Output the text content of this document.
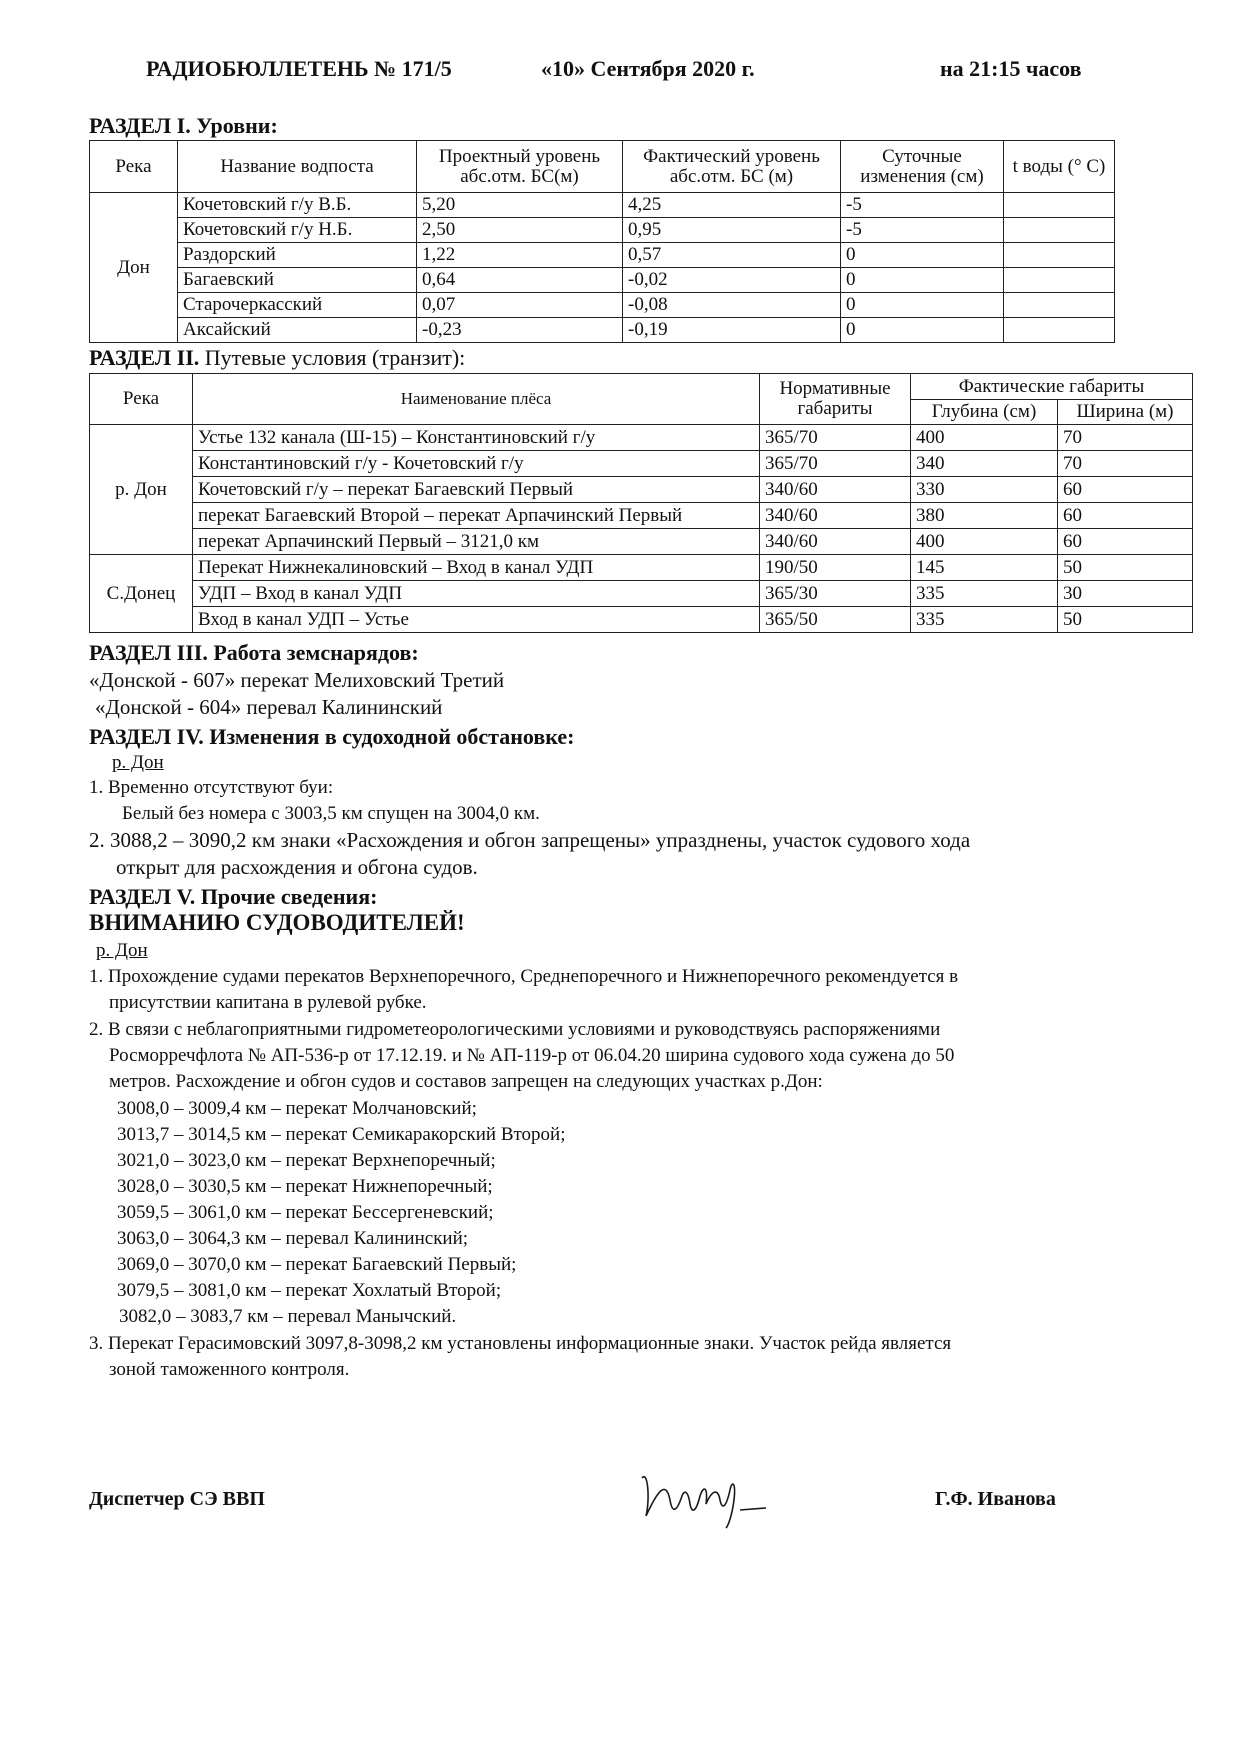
РАДИОБЮЛЛЕТЕНЬ № 171/5	«10» Сентября 2020 г.	на 21:15 часов
РАЗДЕЛ I. Уровни:
Река	Название водпоста	Проектный уровень абс.отм. БС(м)	Фактический уровень абс.отм. БС (м)	Суточные изменения (см)	t воды (° С)
Дон	Кочетовский г/у В.Б.	5,20	4,25	-5	
	Кочетовский г/у Н.Б.	2,50	0,95	-5	
	Раздорский	1,22	0,57	0	
	Багаевский	0,64	-0,02	0	
	Старочеркасский	0,07	-0,08	0	
	Аксайский	-0,23	-0,19	0	
РАЗДЕЛ II. Путевые условия (транзит):
Река	Наименование плёса	Нормативные габариты	Фактические габариты	
			Глубина (см)	Ширина (м)
р. Дон	Устье 132 канала (Ш-15) – Константиновский г/у	365/70	400	70
	Константиновский г/у - Кочетовский г/у	365/70	340	70
	Кочетовский г/у – перекат Багаевский Первый	340/60	330	60
	перекат Багаевский Второй – перекат Арпачинский Первый	340/60	380	60
	перекат Арпачинский Первый – 3121,0 км	340/60	400	60
С.Донец	Перекат Нижнекалиновский – Вход в канал УДП	190/50	145	50
	УДП – Вход в канал УДП	365/30	335	30
	Вход в канал УДП – Устье	365/50	335	50
РАЗДЕЛ III. Работа земснарядов:
«Донской - 607» перекат Мелиховский Третий
«Донской - 604» перевал Калининский
РАЗДЕЛ IV. Изменения в судоходной обстановке:
р. Дон
1. Временно отсутствуют буи:
Белый без номера с 3003,5 км спущен на 3004,0 км.
2. 3088,2 – 3090,2 км знаки «Расхождения и обгон запрещены» упразднены, участок судового хода
открыт для расхождения и обгона судов.
РАЗДЕЛ V. Прочие сведения:
ВНИМАНИЮ СУДОВОДИТЕЛЕЙ!
р. Дон
1. Прохождение судами перекатов Верхнепоречного, Среднепоречного и Нижнепоречного рекомендуется в
присутствии капитана в рулевой рубке.
2. В связи с неблагоприятными гидрометеорологическими условиями и руководствуясь распоряжениями
Росморречфлота № АП-536-р от 17.12.19. и № АП-119-р от 06.04.20 ширина судового хода сужена до 50
метров. Расхождение и обгон судов и составов запрещен на следующих участках р.Дон:
3008,0 – 3009,4 км – перекат Молчановский;
3013,7 – 3014,5 км – перекат Семикаракорский Второй;
3021,0 – 3023,0 км – перекат Верхнепоречный;
3028,0 – 3030,5 км – перекат Нижнепоречный;
3059,5 – 3061,0 км – перекат Бессергеневский;
3063,0 – 3064,3 км – перевал Калининский;
3069,0 – 3070,0 км – перекат Багаевский Первый;
3079,5 – 3081,0 км – перекат Хохлатый Второй;
3082,0 – 3083,7 км – перевал Манычский.
3. Перекат Герасимовский 3097,8-3098,2 км установлены информационные знаки. Участок рейда является
зоной таможенного контроля.
Диспетчер СЭ ВВП	Г.Ф. Иванова
